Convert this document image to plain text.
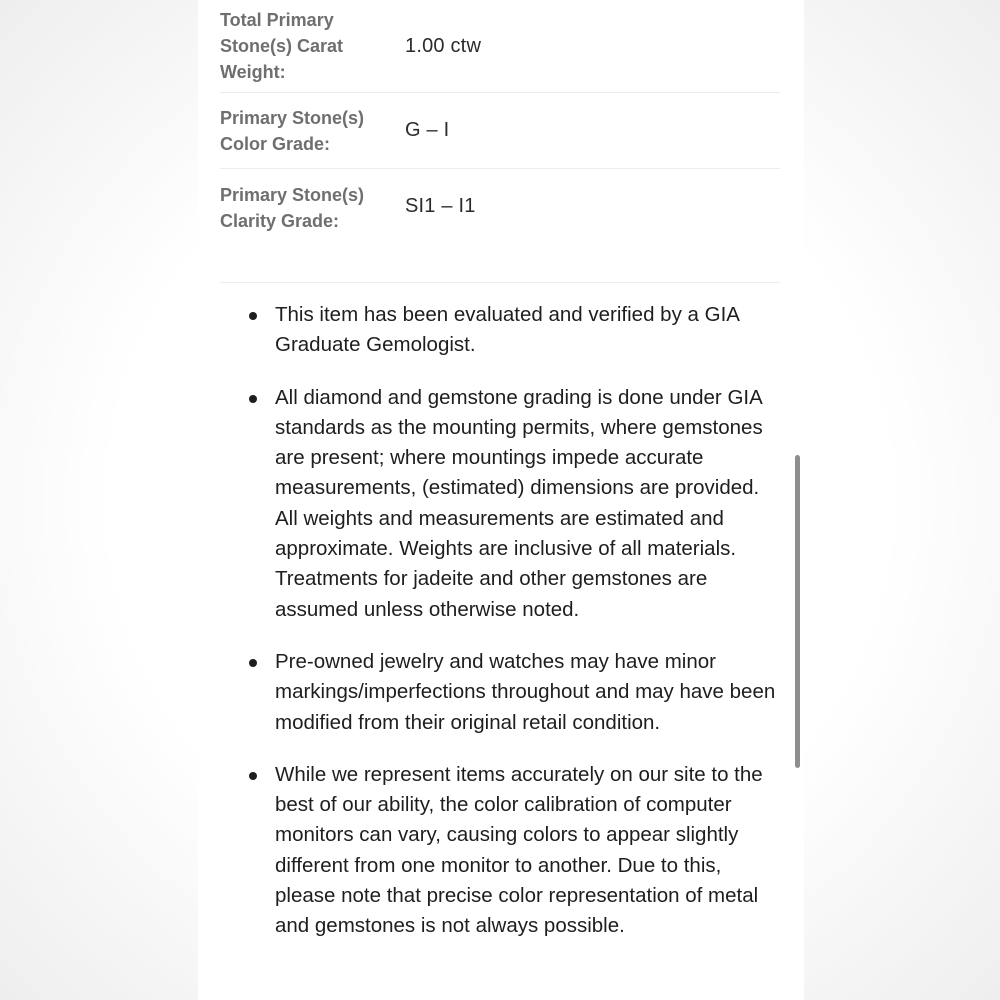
Total Primary Stone(s) Carat Weight:
1.00 ctw
Primary Stone(s) Color Grade:
G – I
Primary Stone(s) Clarity Grade:
SI1 – I1
This item has been evaluated and verified by a GIA Graduate Gemologist.
All diamond and gemstone grading is done under GIA standards as the mounting permits, where gemstones are present; where mountings impede accurate measurements, (estimated) dimensions are provided. All weights and measurements are estimated and approximate. Weights are inclusive of all materials. Treatments for jadeite and other gemstones are assumed unless otherwise noted.
Pre-owned jewelry and watches may have minor markings/imperfections throughout and may have been modified from their original retail condition.
While we represent items accurately on our site to the best of our ability, the color calibration of computer monitors can vary, causing colors to appear slightly different from one monitor to another. Due to this, please note that precise color representation of metal and gemstones is not always possible.
